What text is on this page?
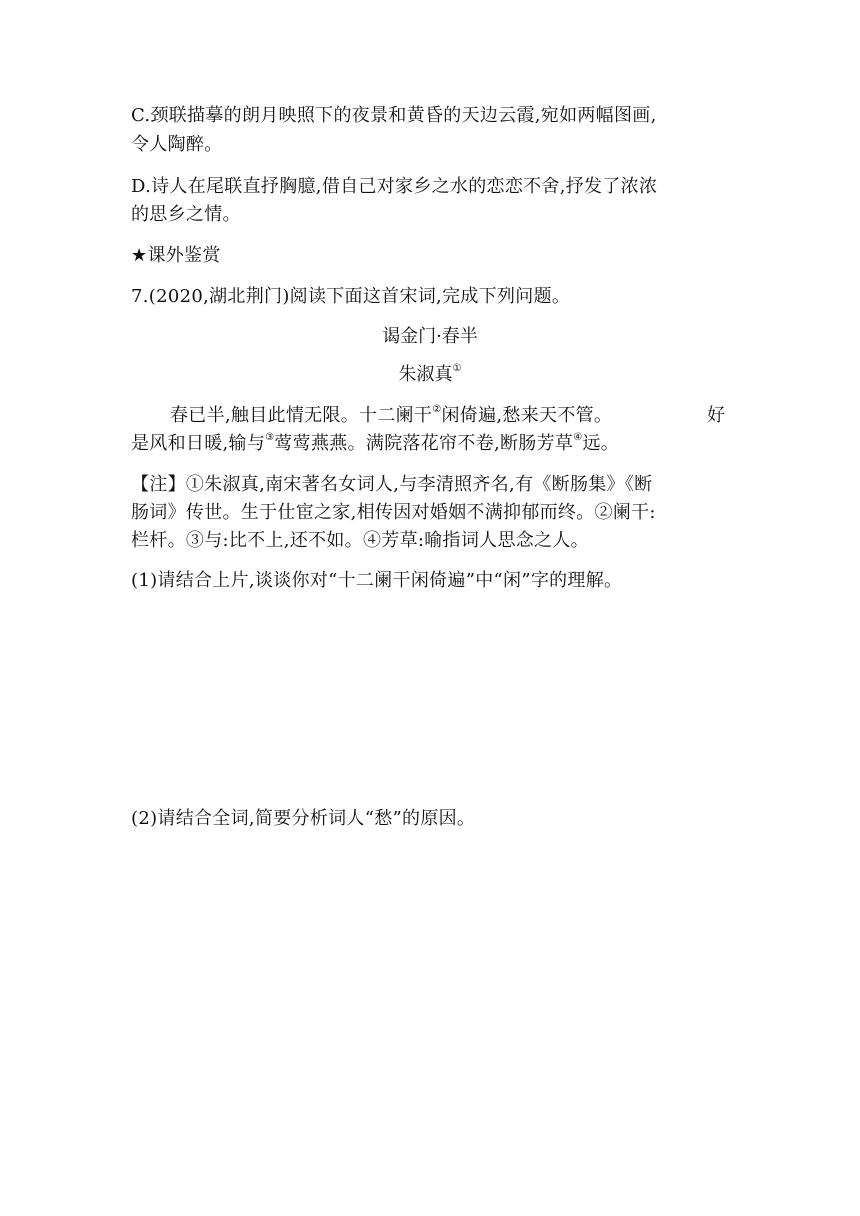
C.颈联描摹的朗月映照下的夜景和黄昏的天边云霞,宛如两幅图画,
令人陶醉。
D.诗人在尾联直抒胸臆,借自己对家乡之水的恋恋不舍,抒发了浓浓
的思乡之情。
★课外鉴赏
7.(2020,湖北荆门)阅读下面这首宋词,完成下列问题。
谒金门·春半
朱淑真①
春已半,触目此情无限。十二阑干②闲倚遍,愁来天不管。	好
是风和日暖,输与③莺莺燕燕。满院落花帘不卷,断肠芳草④远。
【注】①朱淑真,南宋著名女词人,与李清照齐名,有《断肠集》《断
肠词》传世。生于仕宦之家,相传因对婚姻不满抑郁而终。②阑干:
栏杆。③与:比不上,还不如。④芳草:喻指词人思念之人。
(1)请结合上片,谈谈你对“十二阑干闲倚遍”中“闲”字的理解。
(2)请结合全词,简要分析词人“愁”的原因。
